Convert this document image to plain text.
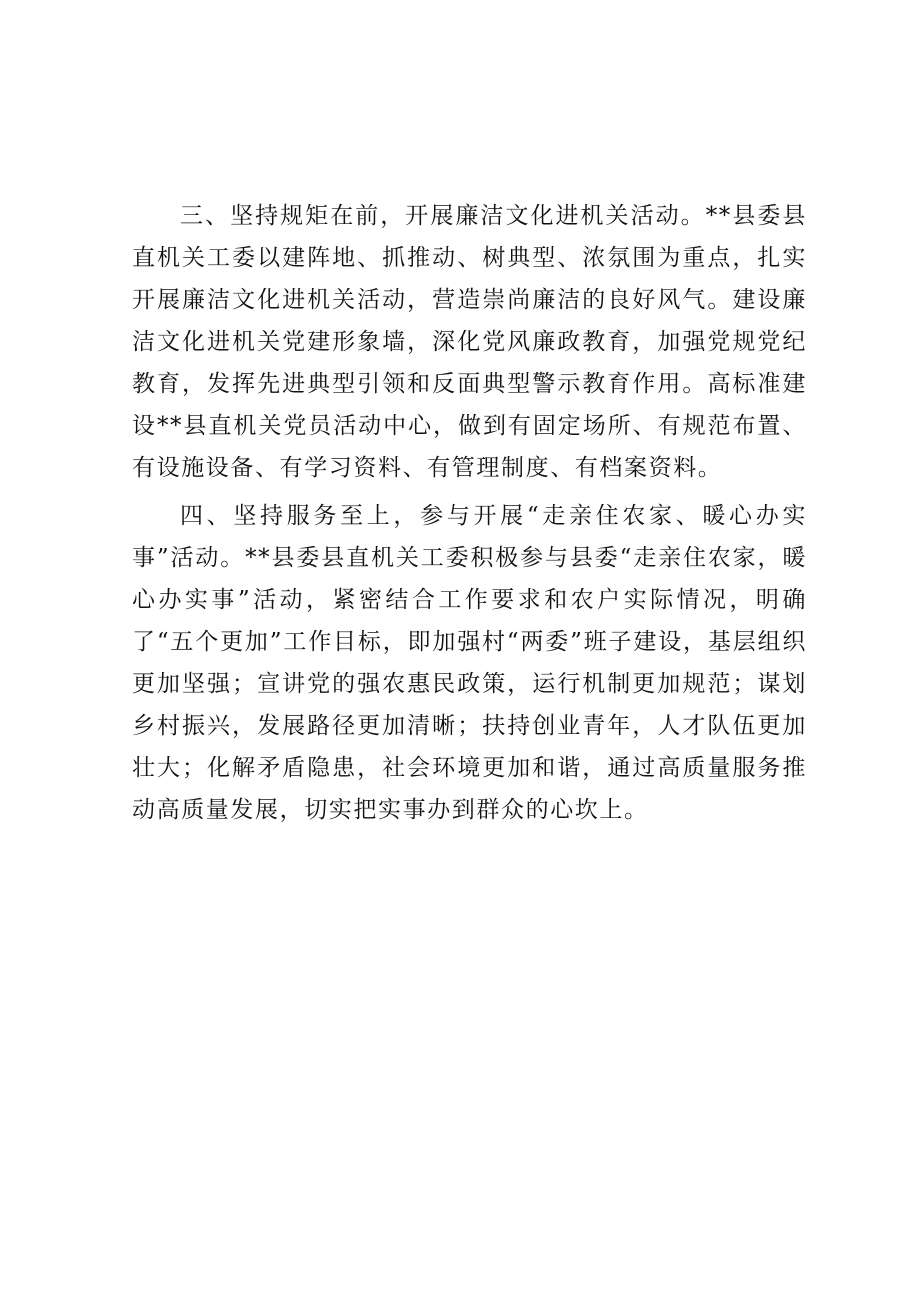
三、坚持规矩在前，开展廉洁文化进机关活动。**县委县直机关工委以建阵地、抓推动、树典型、浓氛围为重点，扎实开展廉洁文化进机关活动，营造崇尚廉洁的良好风气。建设廉洁文化进机关党建形象墙，深化党风廉政教育，加强党规党纪教育，发挥先进典型引领和反面典型警示教育作用。高标准建设**县直机关党员活动中心，做到有固定场所、有规范布置、有设施设备、有学习资料、有管理制度、有档案资料。

四、坚持服务至上，参与开展“走亲住农家、暖心办实事”活动。**县委县直机关工委积极参与县委“走亲住农家，暖心办实事”活动，紧密结合工作要求和农户实际情况，明确了“五个更加”工作目标，即加强村“两委”班子建设，基层组织更加坚强；宣讲党的强农惠民政策，运行机制更加规范；谋划乡村振兴，发展路径更加清晰；扶持创业青年，人才队伍更加壮大；化解矛盾隐患，社会环境更加和谐，通过高质量服务推动高质量发展，切实把实事办到群众的心坎上。
